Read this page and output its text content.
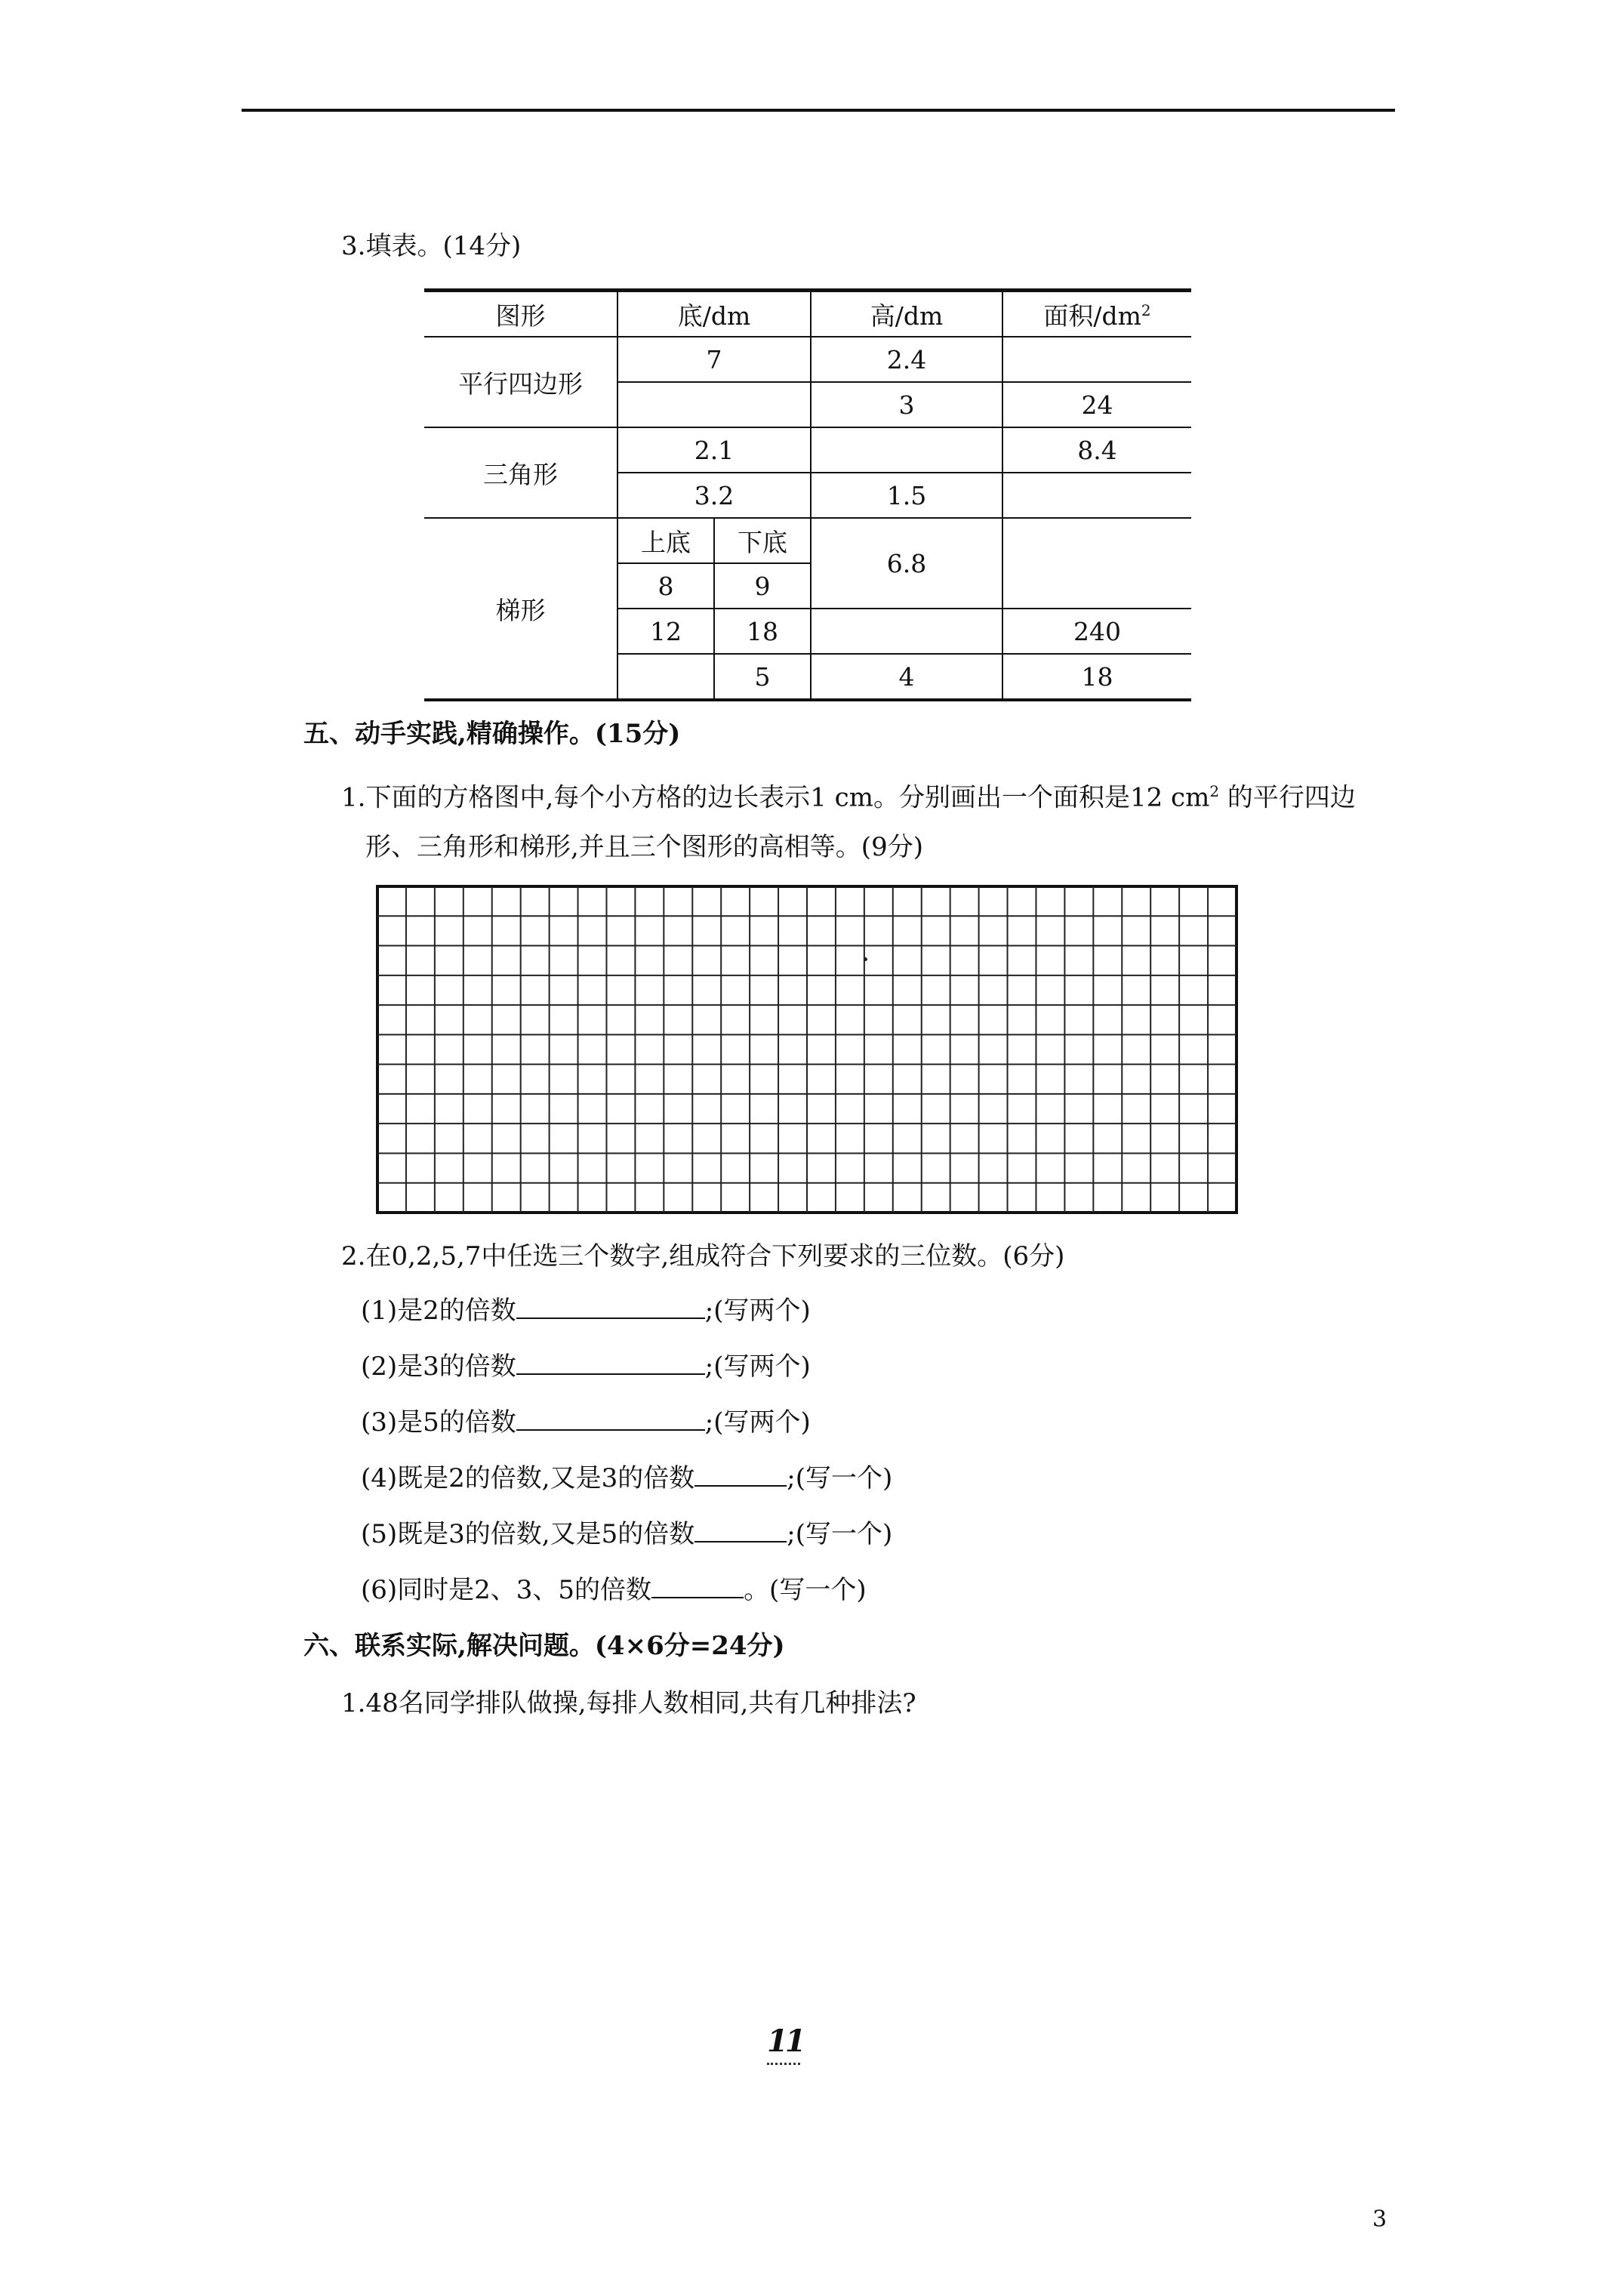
3.填表。(14分)
图形	底/dm		高/dm	面积$/dm^2$
平行四边形	7		2.4	
			3	24
三角形	2.1			8.4
	3.2		1.5	
梯形	上底	下底	6.8	
	8	9		
	12	18		240
		5	4	18
五、动手实践,精确操作。(15分)
1.下面的方格图中,每个小方格的边长表示1 cm。分别画出一个面积是12 $cm^2$ 的平行四边
形、三角形和梯形,并且三个图形的高相等。(9分)
2.在0,2,5,7中任选三个数字,组成符合下列要求的三位数。(6分)
(1)是2的倍数	;(写两个)
(2)是3的倍数	;(写两个)
(3)是5的倍数	;(写两个)
(4)既是2的倍数,又是3的倍数	;(写一个)
(5)既是3的倍数,又是5的倍数	;(写一个)
(6)同时是2、3、5的倍数	。(写一个)
六、联系实际,解决问题。(4×6分=24分)
1.48名同学排队做操,每排人数相同,共有几种排法?
11
3
